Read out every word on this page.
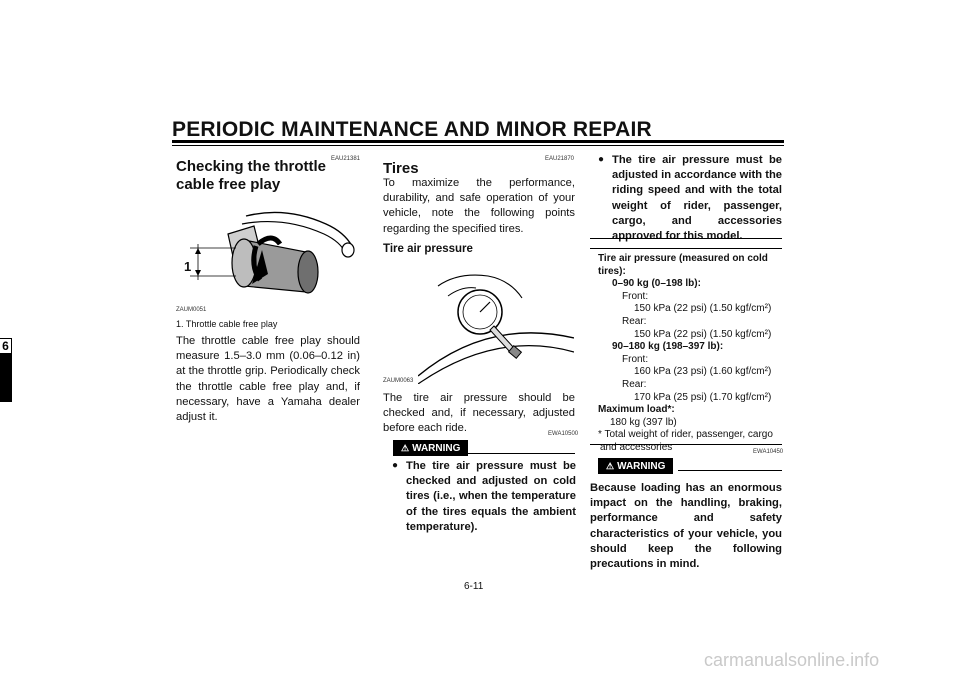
PERIODIC MAINTENANCE AND MINOR REPAIR
6
EAU21381
Checking the throttle cable free play
1
ZAUM0051
1. Throttle cable free play
The throttle cable free play should measure 1.5–3.0 mm (0.06–0.12 in) at the throttle grip. Periodically check the throttle cable free play and, if necessary, have a Yamaha dealer adjust it.
EAU21870
Tires
To maximize the performance, durability, and safe operation of your vehicle, note the following points regarding the specified tires.
Tire air pressure
ZAUM0063
The tire air pressure should be checked and, if necessary, adjusted before each ride.
⚠ WARNING
EWA10500
● The tire air pressure must be checked and adjusted on cold tires (i.e., when the temperature of the tires equals the ambient temperature).
● The tire air pressure must be adjusted in accordance with the riding speed and with the total weight of rider, passenger, cargo, and accessories approved for this model.
Tire air pressure (measured on cold tires):
0–90 kg (0–198 lb):
Front:
150 kPa (22 psi) (1.50 kgf/cm²)
Rear:
150 kPa (22 psi) (1.50 kgf/cm²)
90–180 kg (198–397 lb):
Front:
160 kPa (23 psi) (1.60 kgf/cm²)
Rear:
170 kPa (25 psi) (1.70 kgf/cm²)
Maximum load*:
180 kg (397 lb)
* Total weight of rider, passenger, cargo and accessories	EWA10450
⚠ WARNING
Because loading has an enormous impact on the handling, braking, performance and safety characteristics of your vehicle, you should keep the following precautions in mind.
6-11
carmanualsonline.info
